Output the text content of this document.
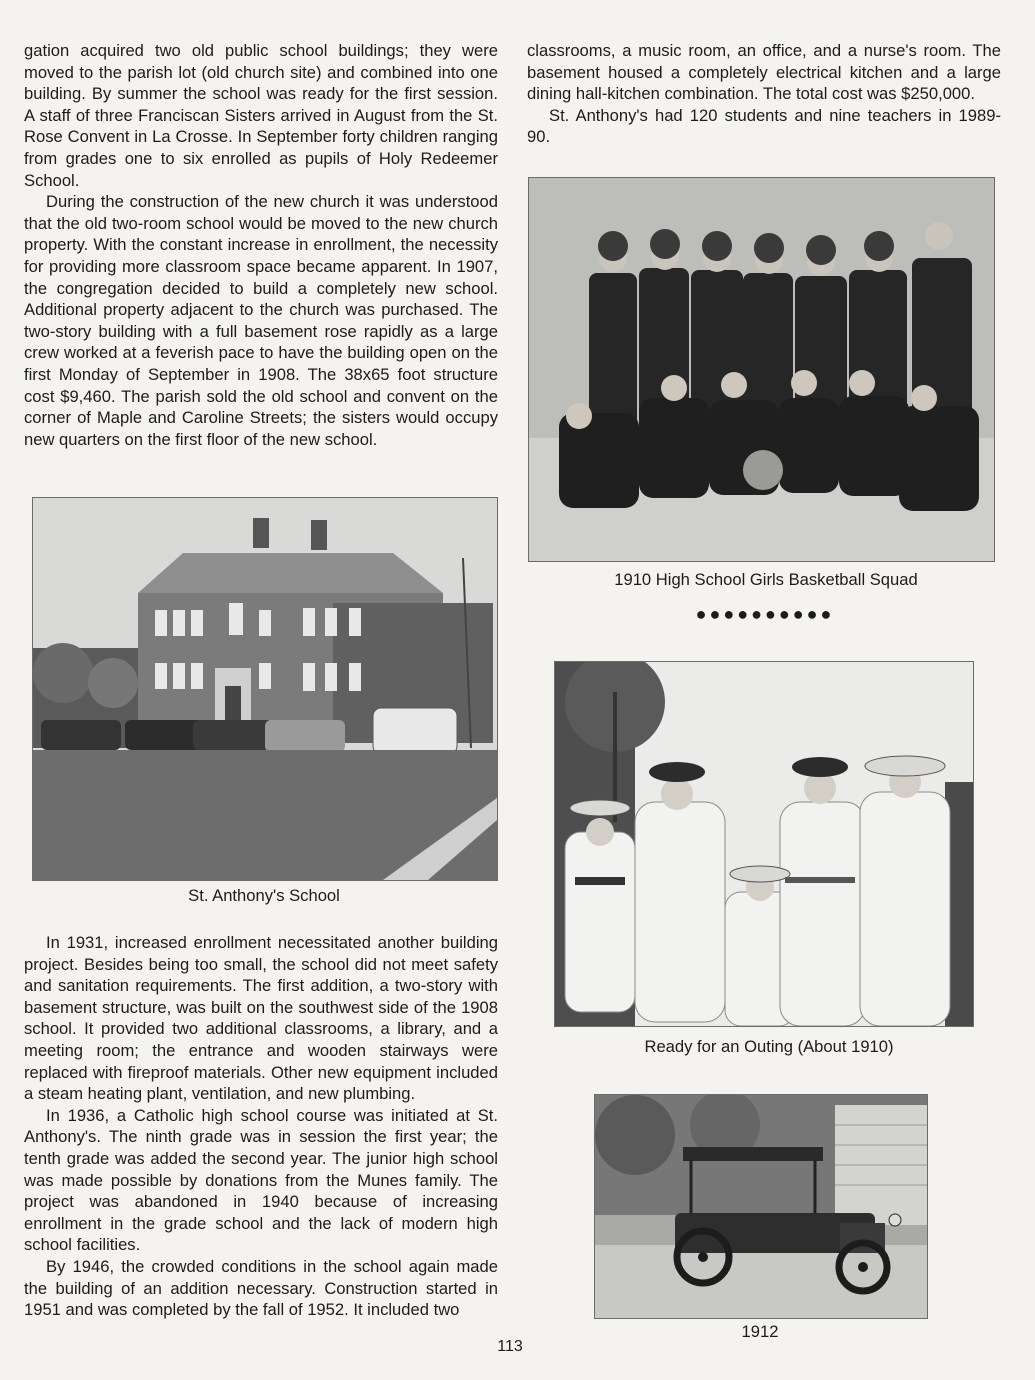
gation acquired two old public school buildings; they were moved to the parish lot (old church site) and combined into one building. By summer the school was ready for the first session. A staff of three Franciscan Sisters arrived in August from the St. Rose Convent in La Crosse. In September forty children ranging from grades one to six enrolled as pupils of Holy Redeemer School.

During the construction of the new church it was understood that the old two-room school would be moved to the new church property. With the constant increase in enrollment, the necessity for providing more classroom space became apparent. In 1907, the congregation decided to build a completely new school. Additional property adjacent to the church was purchased. The two-story building with a full basement rose rapidly as a large crew worked at a feverish pace to have the building open on the first Monday of September in 1908. The 38x65 foot structure cost $9,460. The parish sold the old school and convent on the corner of Maple and Caroline Streets; the sisters would occupy new quarters on the first floor of the new school.

St. Anthony's School

In 1931, increased enrollment necessitated another building project. Besides being too small, the school did not meet safety and sanitation requirements. The first addition, a two-story with basement structure, was built on the southwest side of the 1908 school. It provided two additional classrooms, a library, and a meeting room; the entrance and wooden stairways were replaced with fireproof materials. Other new equipment included a steam heating plant, ventilation, and new plumbing.

In 1936, a Catholic high school course was initiated at St. Anthony's. The ninth grade was in session the first year; the tenth grade was added the second year. The junior high school was made possible by donations from the Munes family. The project was abandoned in 1940 because of increasing enrollment in the grade school and the lack of modern high school facilities.

By 1946, the crowded conditions in the school again made the building of an addition necessary. Construction started in 1951 and was completed by the fall of 1952. It included two

classrooms, a music room, an office, and a nurse's room. The basement housed a completely electrical kitchen and a large dining hall-kitchen combination. The total cost was $250,000.

St. Anthony's had 120 students and nine teachers in 1989-90.

1910 High School Girls Basketball Squad
●●●●●●●●●●
Ready for an Outing (About 1910)
1912
113
